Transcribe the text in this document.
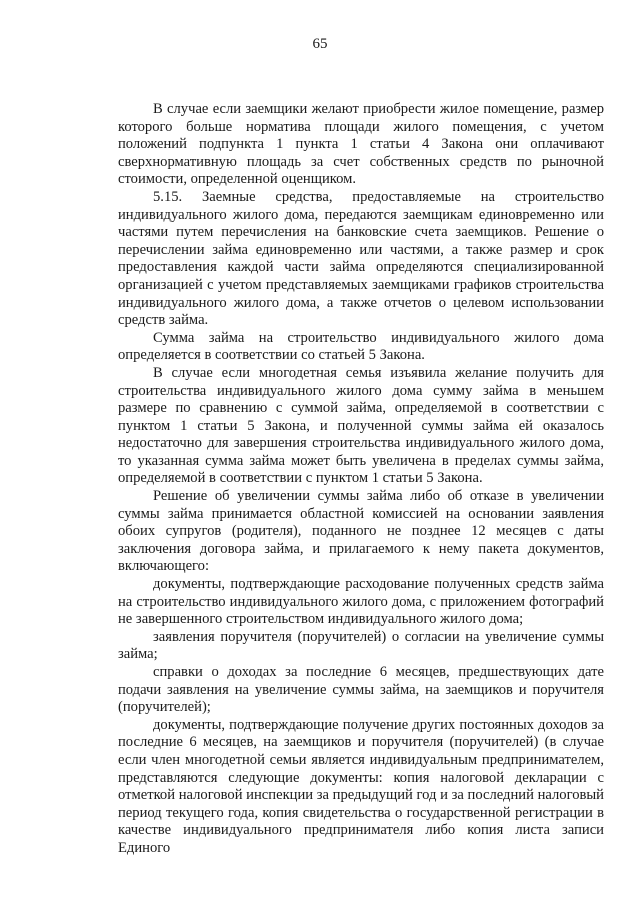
65

В случае если заемщики желают приобрести жилое помещение, размер которого больше норматива площади жилого помещения, с учетом положений подпункта 1 пункта 1 статьи 4 Закона они оплачивают сверхнормативную площадь за счет собственных средств по рыночной стоимости, определенной оценщиком.

5.15. Заемные средства, предоставляемые на строительство индивидуального жилого дома, передаются заемщикам единовременно или частями путем перечисления на банковские счета заемщиков. Решение о перечислении займа единовременно или частями, а также размер и срок предоставления каждой части займа определяются специализированной организацией с учетом представляемых заемщиками графиков строительства индивидуального жилого дома, а также отчетов о целевом использовании средств займа.

Сумма займа на строительство индивидуального жилого дома определяется в соответствии со статьей 5 Закона.

В случае если многодетная семья изъявила желание получить для строительства индивидуального жилого дома сумму займа в меньшем размере по сравнению с суммой займа, определяемой в соответствии с пунктом 1 статьи 5 Закона, и полученной суммы займа ей оказалось недостаточно для завершения строительства индивидуального жилого дома, то указанная сумма займа может быть увеличена в пределах суммы займа, определяемой в соответствии с пунктом 1 статьи 5 Закона.

Решение об увеличении суммы займа либо об отказе в увеличении суммы займа принимается областной комиссией на основании заявления обоих супругов (родителя), поданного не позднее 12 месяцев с даты заключения договора займа, и прилагаемого к нему пакета документов, включающего:

документы, подтверждающие расходование полученных средств займа на строительство индивидуального жилого дома, с приложением фотографий не завершенного строительством индивидуального жилого дома;

заявления поручителя (поручителей) о согласии на увеличение суммы займа;

справки о доходах за последние 6 месяцев, предшествующих дате подачи заявления на увеличение суммы займа, на заемщиков и поручителя (поручителей);

документы, подтверждающие получение других постоянных доходов за последние 6 месяцев, на заемщиков и поручителя (поручителей) (в случае если член многодетной семьи является индивидуальным предпринимателем, представляются следующие документы: копия налоговой декларации с отметкой налоговой инспекции за предыдущий год и за последний налоговый период текущего года, копия свидетельства о государственной регистрации в качестве индивидуального предпринимателя либо копия листа записи Единого
